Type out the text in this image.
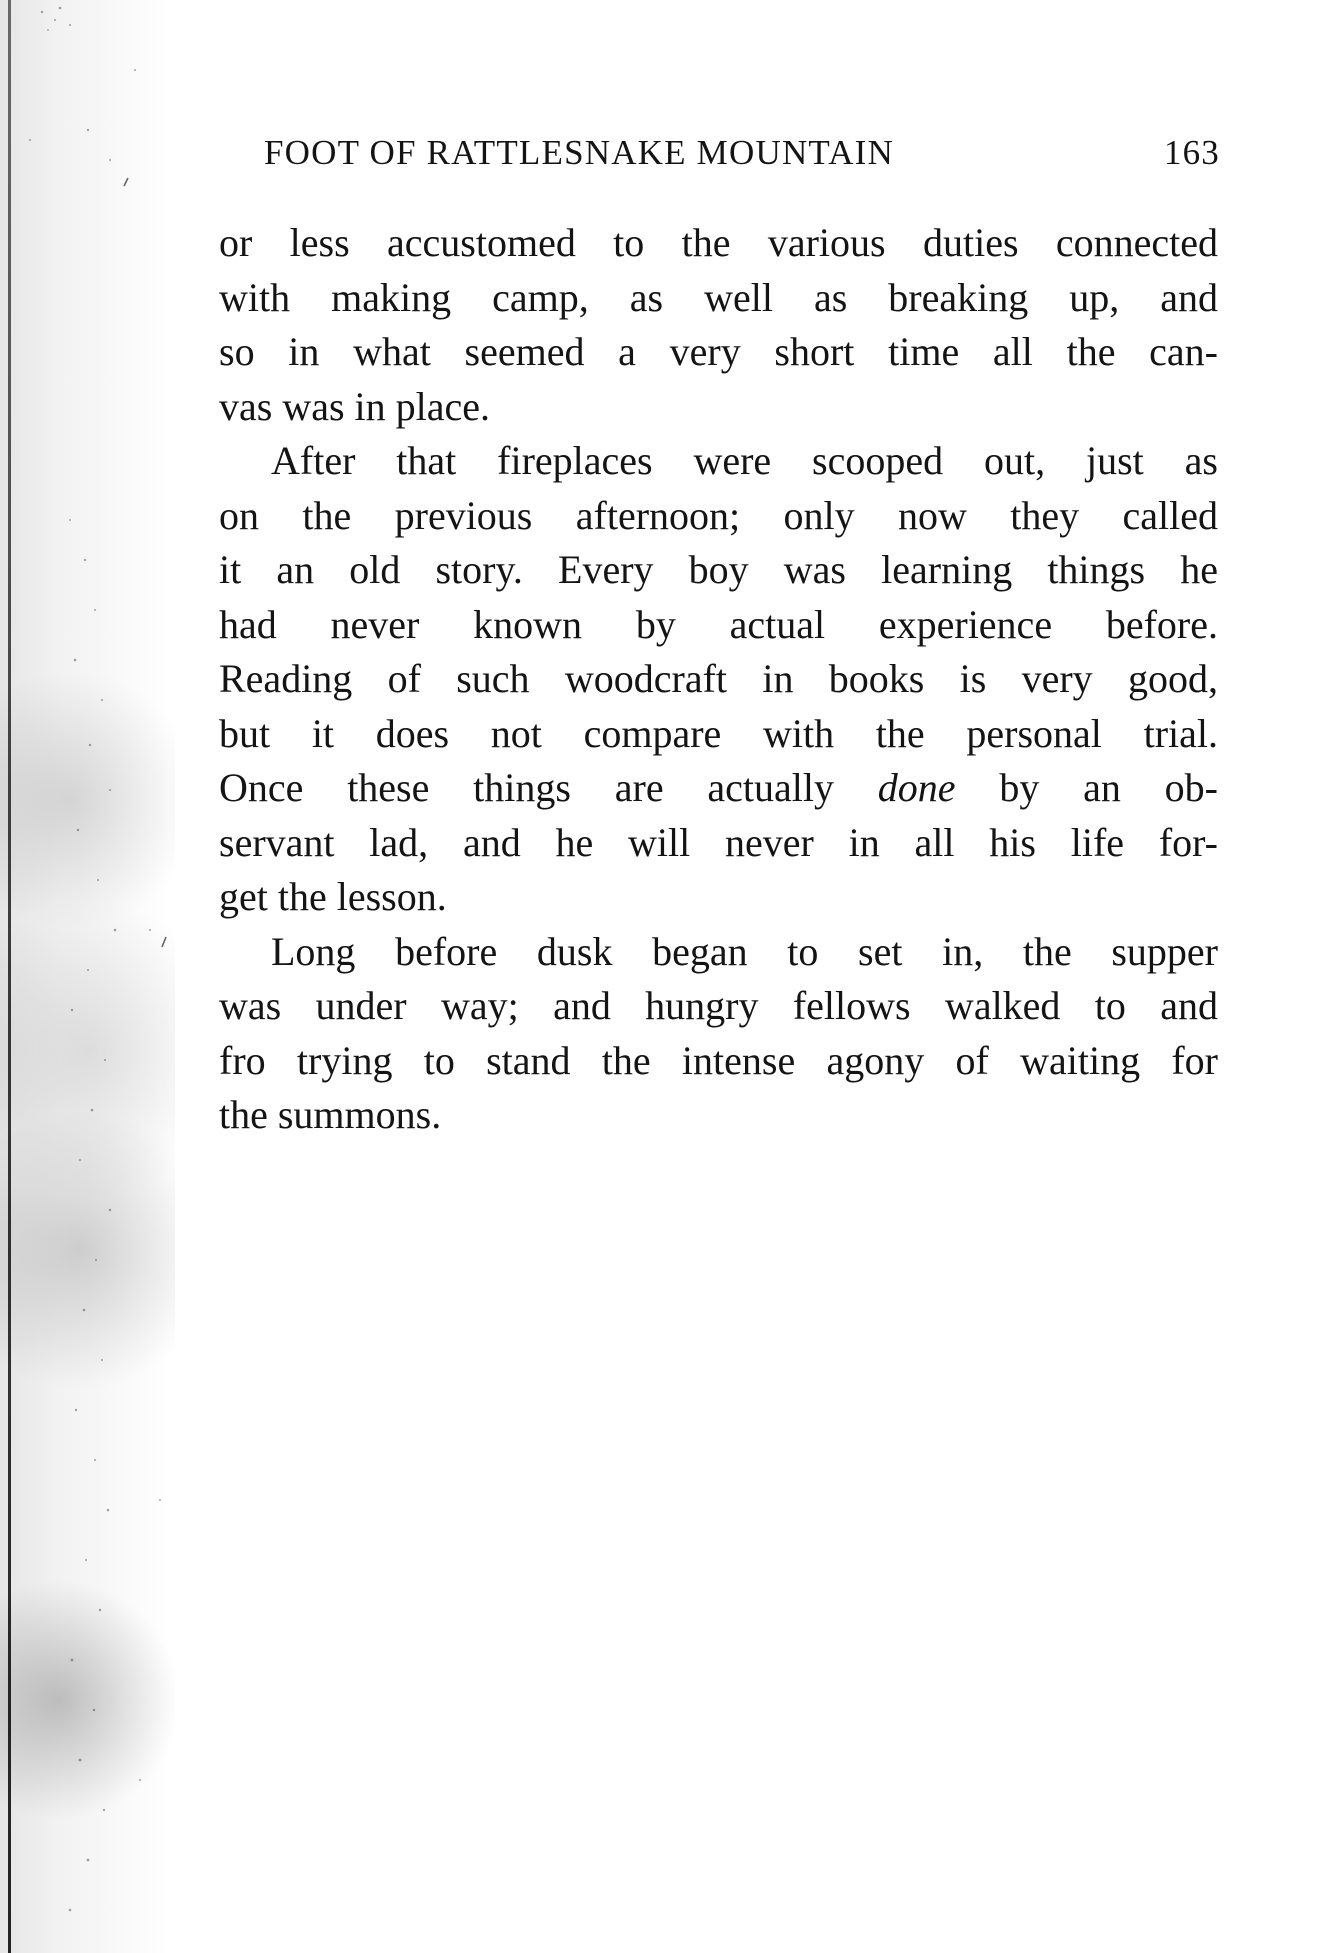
FOOT OF RATTLESNAKE MOUNTAIN	163
or less accustomed to the various duties connected
with making camp, as well as breaking up, and
so in what seemed a very short time all the can-
vas was in place.
After that fireplaces were scooped out, just as
on the previous afternoon; only now they called
it an old story. Every boy was learning things he
had never known by actual experience before.
Reading of such woodcraft in books is very good,
but it does not compare with the personal trial.
Once these things are actually done by an ob-
servant lad, and he will never in all his life for-
get the lesson.
Long before dusk began to set in, the supper
was under way; and hungry fellows walked to and
fro trying to stand the intense agony of waiting for
the summons.
